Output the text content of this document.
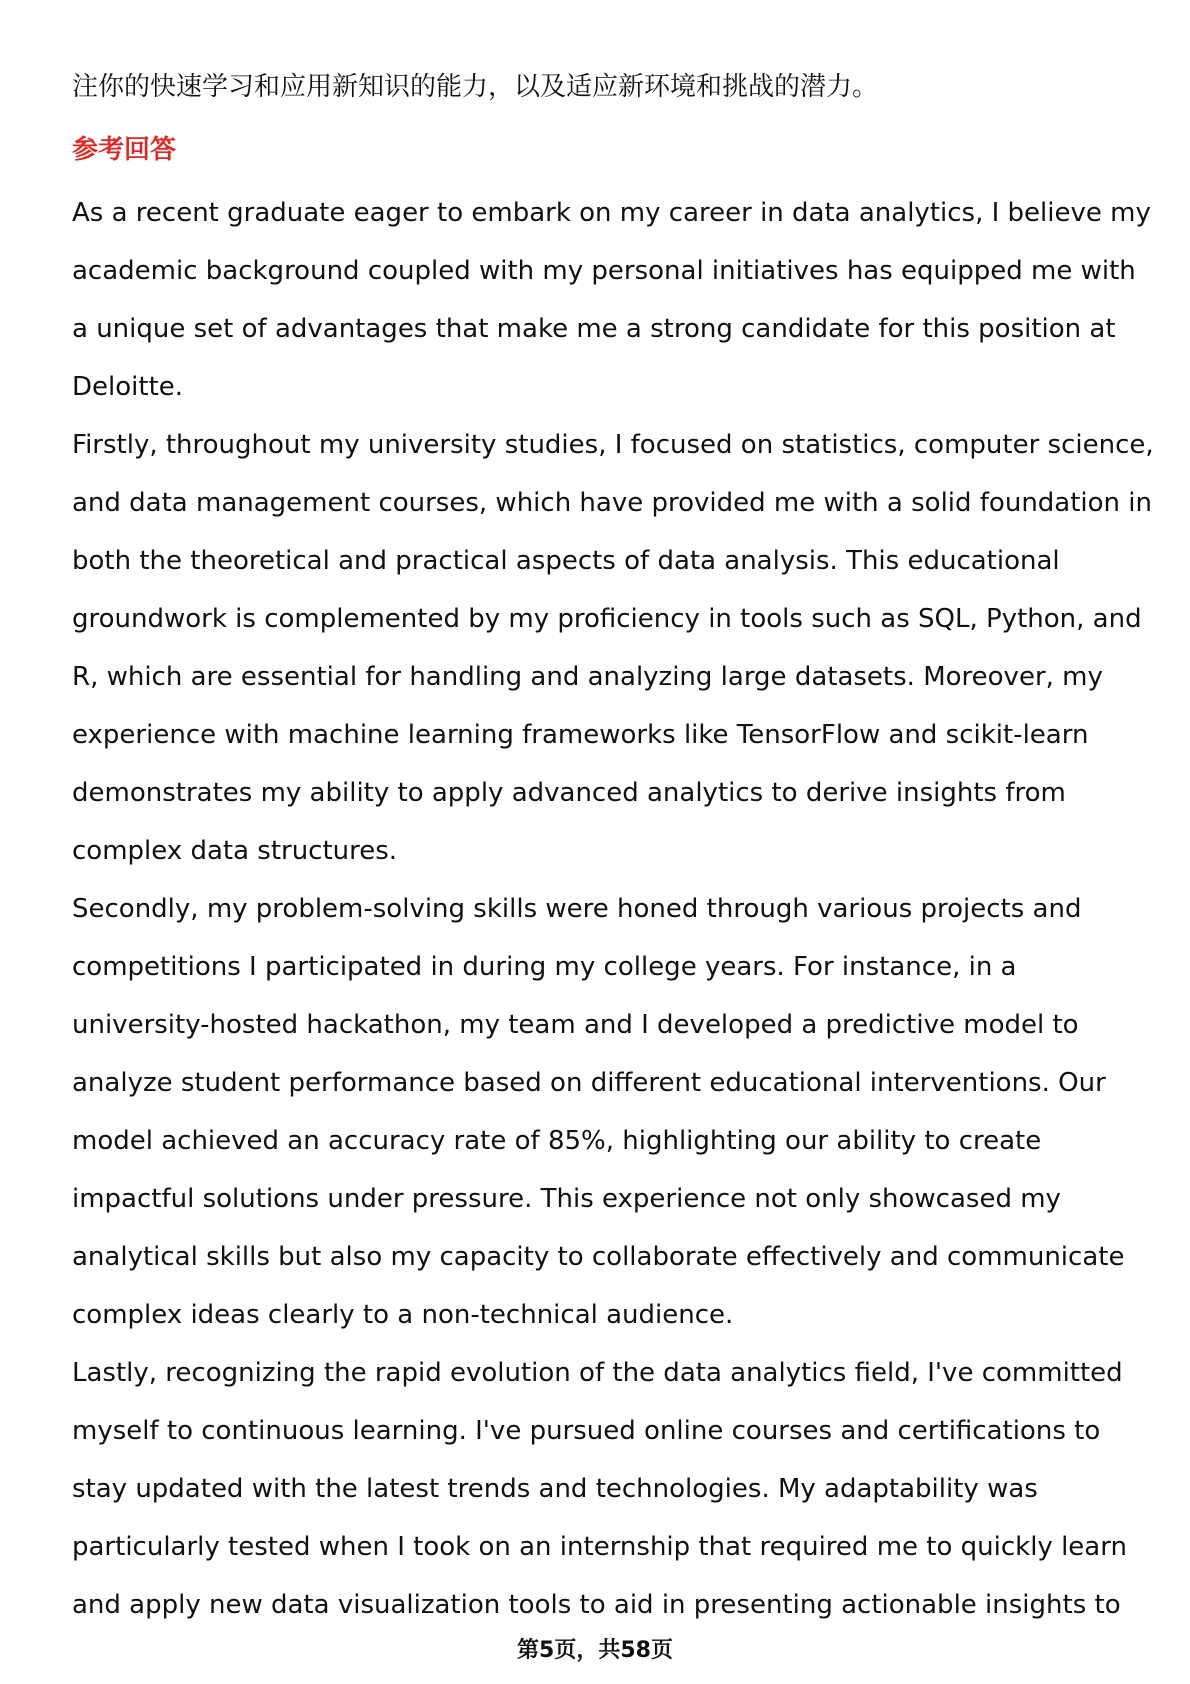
注你的快速学习和应用新知识的能力，以及适应新环境和挑战的潜力。
参考回答
As a recent graduate eager to embark on my career in data analytics, I believe my
academic background coupled with my personal initiatives has equipped me with
a unique set of advantages that make me a strong candidate for this position at
Deloitte.
Firstly, throughout my university studies, I focused on statistics, computer science,
and data management courses, which have provided me with a solid foundation in
both the theoretical and practical aspects of data analysis. This educational
groundwork is complemented by my proficiency in tools such as SQL, Python, and
R, which are essential for handling and analyzing large datasets. Moreover, my
experience with machine learning frameworks like TensorFlow and scikit-learn
demonstrates my ability to apply advanced analytics to derive insights from
complex data structures.
Secondly, my problem-solving skills were honed through various projects and
competitions I participated in during my college years. For instance, in a
university-hosted hackathon, my team and I developed a predictive model to
analyze student performance based on different educational interventions. Our
model achieved an accuracy rate of 85%, highlighting our ability to create
impactful solutions under pressure. This experience not only showcased my
analytical skills but also my capacity to collaborate effectively and communicate
complex ideas clearly to a non-technical audience.
Lastly, recognizing the rapid evolution of the data analytics field, I've committed
myself to continuous learning. I've pursued online courses and certifications to
stay updated with the latest trends and technologies. My adaptability was
particularly tested when I took on an internship that required me to quickly learn
and apply new data visualization tools to aid in presenting actionable insights to
第5页，共58页
